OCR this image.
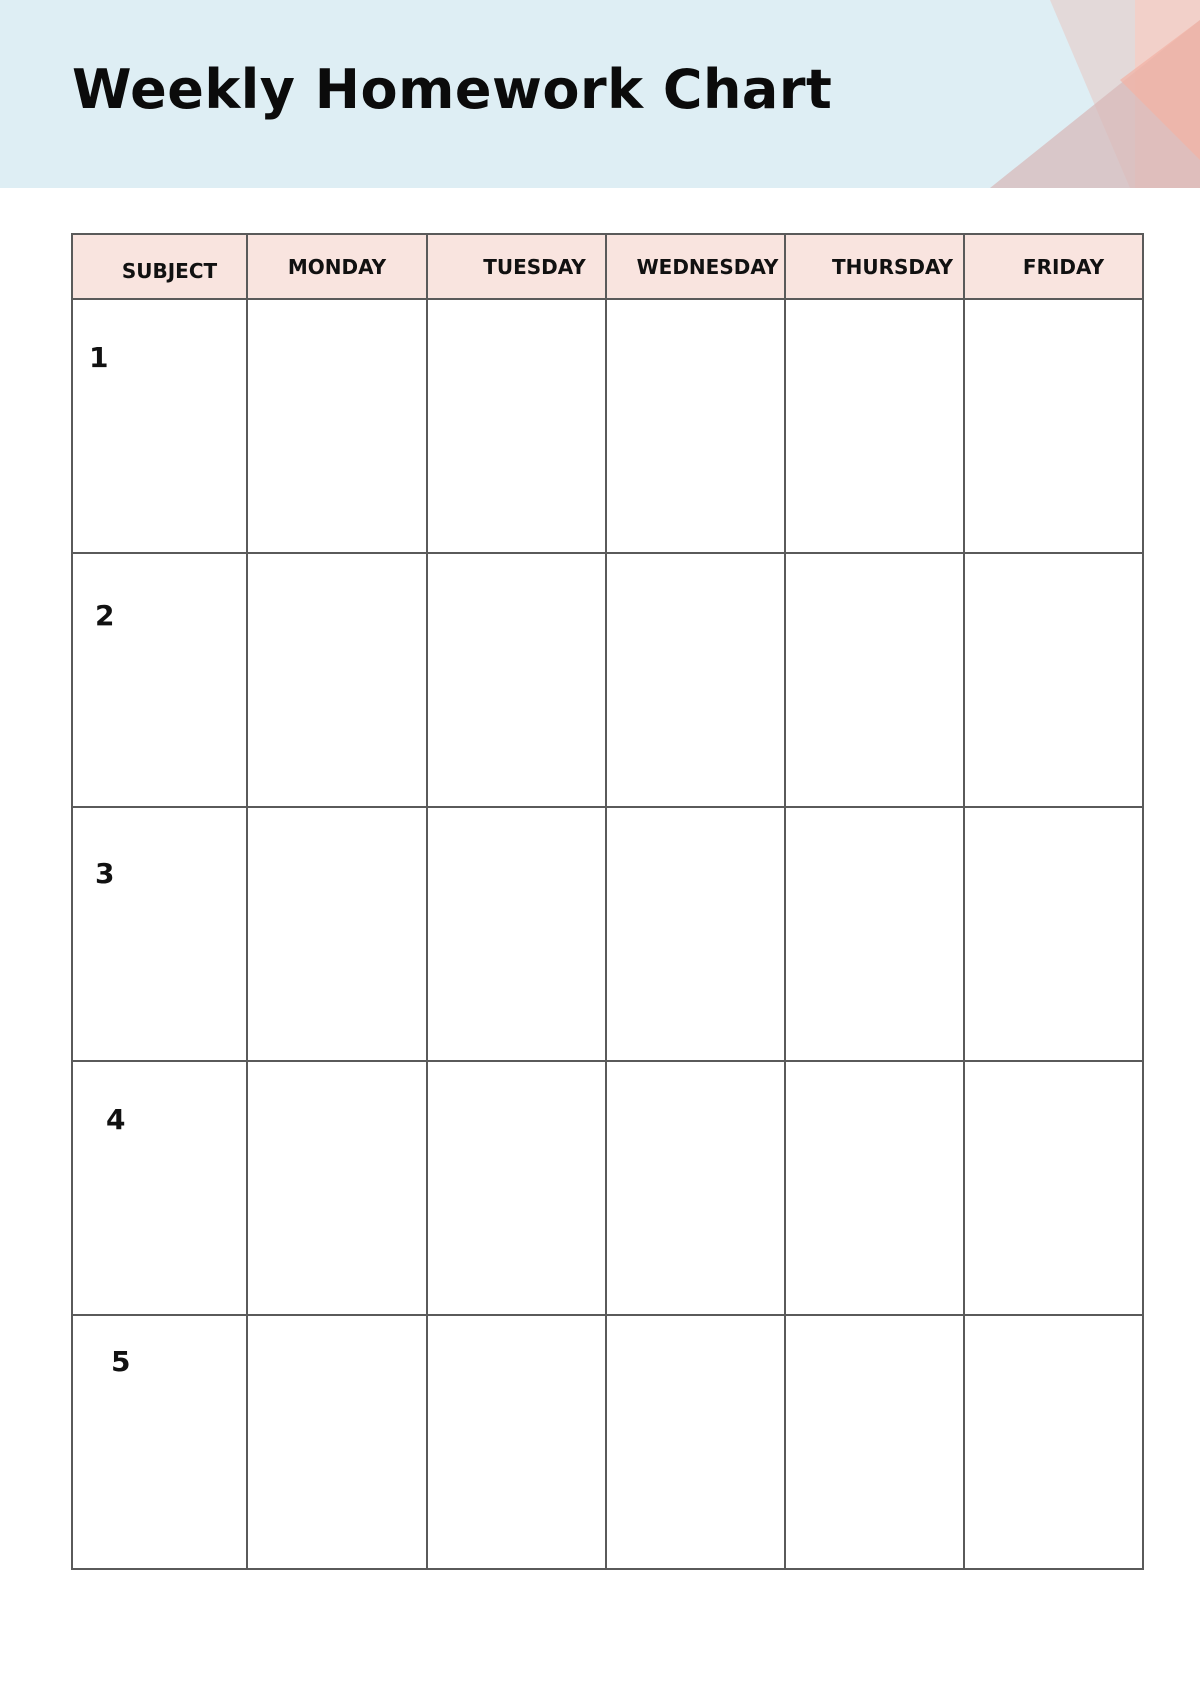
Weekly Homework Chart
SUBJECT	MONDAY	TUESDAY	WEDNESDAY	THURSDAY	FRIDAY
1					
2					
3					
4					
5					
